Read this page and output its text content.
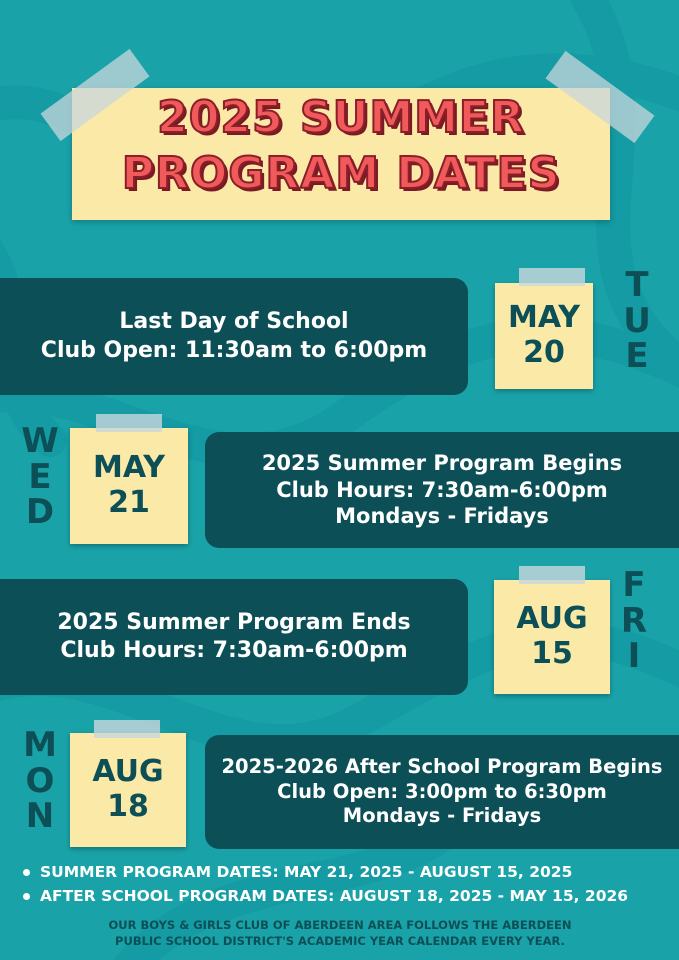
2025 SUMMER
PROGRAM DATES
Last Day of School
Club Open: 11:30am to 6:00pm
MAY
20
T
U
E
W
E
D
MAY
21
2025 Summer Program Begins
Club Hours: 7:30am-6:00pm
Mondays - Fridays
2025 Summer Program Ends
Club Hours: 7:30am-6:00pm
AUG
15
F
R
I
M
O
N
AUG
18
2025-2026 After School Program Begins
Club Open: 3:00pm to 6:30pm
Mondays - Fridays
SUMMER PROGRAM DATES: MAY 21, 2025 - AUGUST 15, 2025
AFTER SCHOOL PROGRAM DATES: AUGUST 18, 2025 - MAY 15, 2026
OUR BOYS & GIRLS CLUB OF ABERDEEN AREA FOLLOWS THE ABERDEEN
PUBLIC SCHOOL DISTRICT'S ACADEMIC YEAR CALENDAR EVERY YEAR.
